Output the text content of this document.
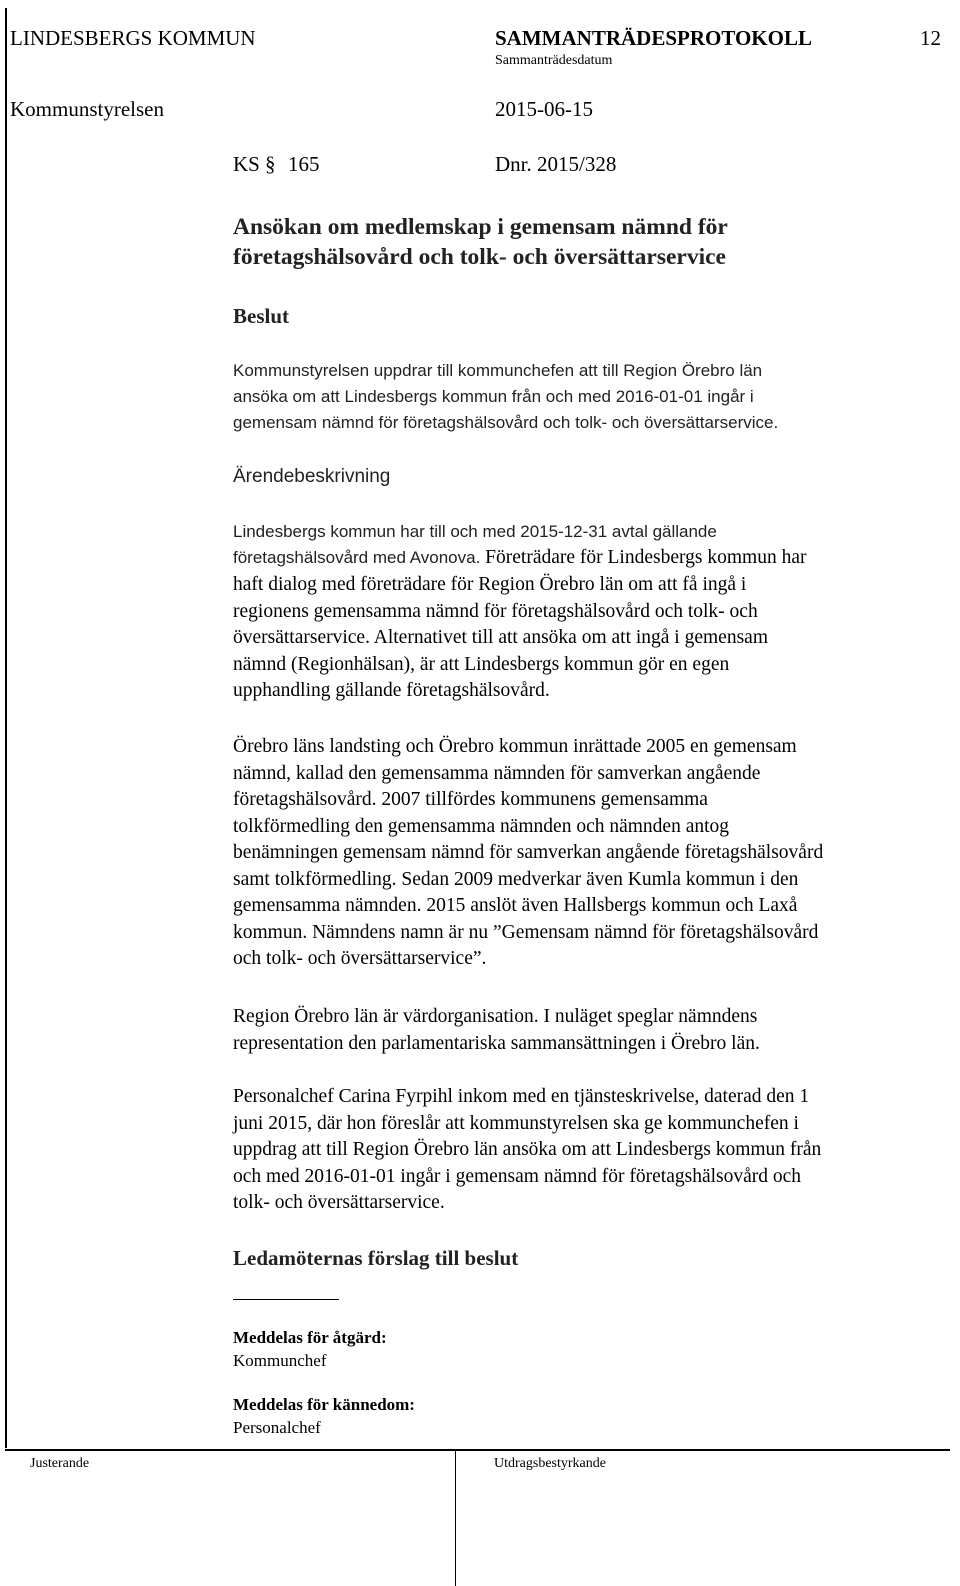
LINDESBERGS KOMMUN	SAMMANTRÄDESPROTOKOLL	12
Sammanträdesdatum
Kommunstyrelsen	2015-06-15
KS § 165	Dnr. 2015/328
Ansökan om medlemskap i gemensam nämnd för
företagshälsovård och tolk- och översättarservice
Beslut
Kommunstyrelsen uppdrar till kommunchefen att till Region Örebro län
ansöka om att Lindesbergs kommun från och med 2016-01-01 ingår i
gemensam nämnd för företagshälsovård och tolk- och översättarservice.
Ärendebeskrivning
Lindesbergs kommun har till och med 2015-12-31 avtal gällande
företagshälsovård med Avonova. Företrädare för Lindesbergs kommun har
haft dialog med företrädare för Region Örebro län om att få ingå i
regionens gemensamma nämnd för företagshälsovård och tolk- och
översättarservice. Alternativet till att ansöka om att ingå i gemensam
nämnd (Regionhälsan), är att Lindesbergs kommun gör en egen
upphandling gällande företagshälsovård.
Örebro läns landsting och Örebro kommun inrättade 2005 en gemensam
nämnd, kallad den gemensamma nämnden för samverkan angående
företagshälsovård. 2007 tillfördes kommunens gemensamma
tolkförmedling den gemensamma nämnden och nämnden antog
benämningen gemensam nämnd för samverkan angående företagshälsovård
samt tolkförmedling. Sedan 2009 medverkar även Kumla kommun i den
gemensamma nämnden. 2015 anslöt även Hallsbergs kommun och Laxå
kommun. Nämndens namn är nu ”Gemensam nämnd för företagshälsovård
och tolk- och översättarservice”.
Region Örebro län är värdorganisation. I nuläget speglar nämndens
representation den parlamentariska sammansättningen i Örebro län.
Personalchef Carina Fyrpihl inkom med en tjänsteskrivelse, daterad den 1
juni 2015, där hon föreslår att kommunstyrelsen ska ge kommunchefen i
uppdrag att till Region Örebro län ansöka om att Lindesbergs kommun från
och med 2016-01-01 ingår i gemensam nämnd för företagshälsovård och
tolk- och översättarservice.
Ledamöternas förslag till beslut
Meddelas för åtgärd:
Kommunchef
Meddelas för kännedom:
Personalchef
Justerande	Utdragsbestyrkande
